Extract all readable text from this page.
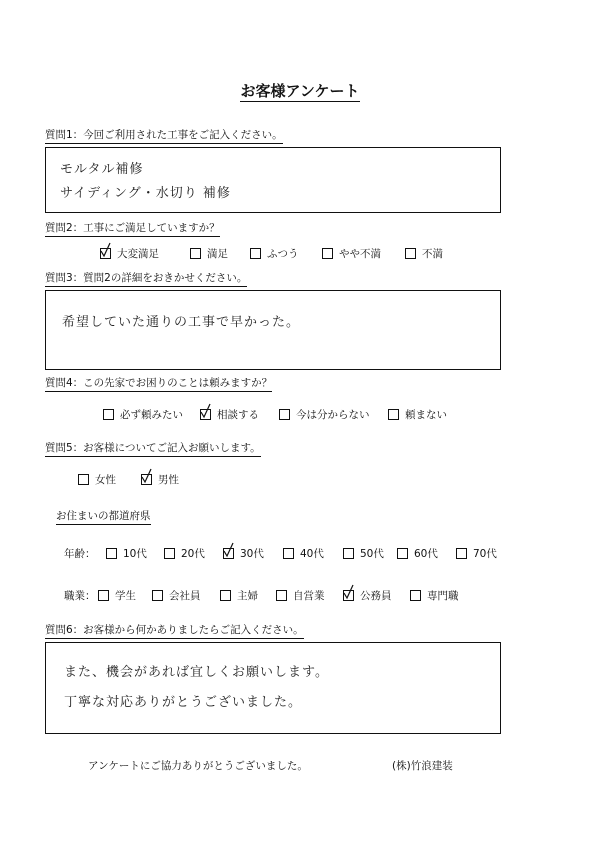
お客様アンケート
質問1：今回ご利用された工事をご記入ください。
モルタル補修
サイディング・水切り 補修
質問2：工事にご満足していますか？
大変満足	満足	ふつう	やや不満	不満
質問3：質問2の詳細をおきかせください。
希望していた通りの工事で早かった。
質問4：この先家でお困りのことは頼みますか？
必ず頼みたい	相談する	今は分からない	頼まない
質問5：お客様についてご記入お願いします。
女性	男性
お住まいの都道府県
年齢：	10代	20代	30代	40代	50代	60代	70代
職業： 学生	会社員	主婦	自営業	公務員	専門職
質問6：お客様から何かありましたらご記入ください。
また、機会があれば宜しくお願いします。
丁寧な対応ありがとうございました。
アンケートにご協力ありがとうございました。	(株)竹浪建装
